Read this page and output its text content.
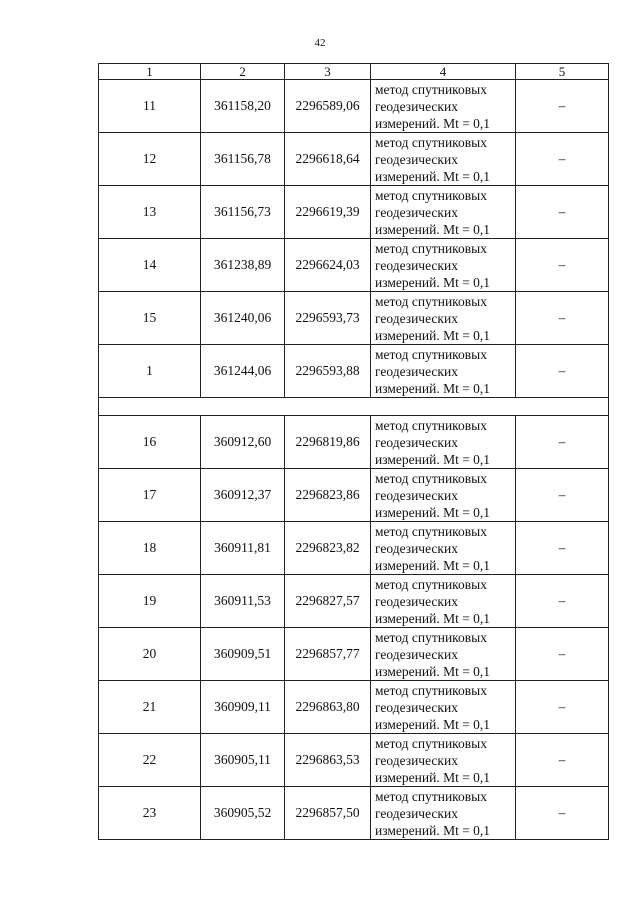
42
1	2	3	4	5
11	361158,20	2296589,06	метод спутниковых
геодезических
измерений. Mt = 0,1	–
12	361156,78	2296618,64	метод спутниковых
геодезических
измерений. Mt = 0,1	–
13	361156,73	2296619,39	метод спутниковых
геодезических
измерений. Mt = 0,1	–
14	361238,89	2296624,03	метод спутниковых
геодезических
измерений. Mt = 0,1	–
15	361240,06	2296593,73	метод спутниковых
геодезических
измерений. Mt = 0,1	–
1	361244,06	2296593,88	метод спутниковых
геодезических
измерений. Mt = 0,1	–

16	360912,60	2296819,86	метод спутниковых
геодезических
измерений. Mt = 0,1	–
17	360912,37	2296823,86	метод спутниковых
геодезических
измерений. Mt = 0,1	–
18	360911,81	2296823,82	метод спутниковых
геодезических
измерений. Mt = 0,1	–
19	360911,53	2296827,57	метод спутниковых
геодезических
измерений. Mt = 0,1	–
20	360909,51	2296857,77	метод спутниковых
геодезических
измерений. Mt = 0,1	–
21	360909,11	2296863,80	метод спутниковых
геодезических
измерений. Mt = 0,1	–
22	360905,11	2296863,53	метод спутниковых
геодезических
измерений. Mt = 0,1	–
23	360905,52	2296857,50	метод спутниковых
геодезических
измерений. Mt = 0,1	–
